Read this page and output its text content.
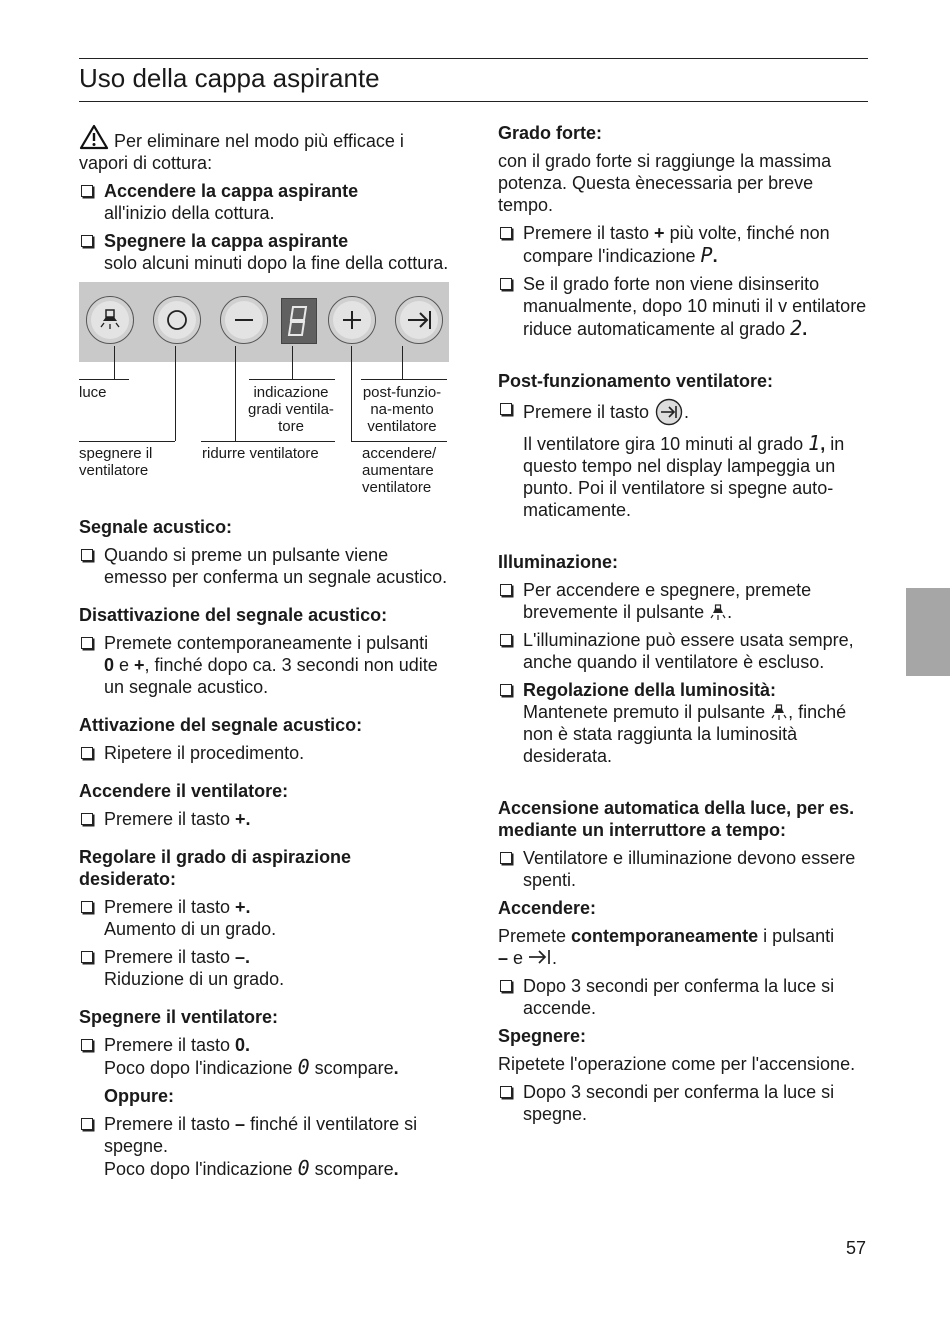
Uso della cappa aspirante

Per eliminare nel modo più efficace i vapori di cottura:

Accendere la cappa aspirante
all'inizio della cottura.
Spegnere la cappa aspirante
solo alcuni minuti dopo la fine della cottura.
luce	indicazione
gradi ventila-
tore
post-funzio-
na-mento
ventilatore
spegnere il
ventilatore
ridurre ventilatore	accendere/
aumentare
ventilatore
Segnale acustico:
Quando si preme un pulsante viene emesso per conferma un segnale acustico.
Disattivazione del segnale acustico:
Premete contemporaneamente i pulsanti
0 e +, finché dopo ca. 3 secondi non udite un segnale acustico.
Attivazione del segnale acustico:
Ripetere il procedimento.
Accendere il ventilatore:
Premere il tasto +.
Regolare il grado di aspirazione
desiderato:
Premere il tasto +.
Aumento di un grado.
Premere il tasto –.
Riduzione di un grado.
Spegnere il ventilatore:
Premere il tasto 0.
Poco dopo l'indicazione 0 scompare.
Oppure:
Premere il tasto – finché il ventilatore si spegne.
Poco dopo l'indicazione 0 scompare.
Grado forte:

con il grado forte si raggiunge la massima potenza. Questa ènecessaria per breve tempo.

Premere il tasto + più volte, finché non compare l'indicazione P.
Se il grado forte non viene disinserito manualmente, dopo 10 minuti il v entilatore riduce automaticamente al grado 2.
Post-funzionamento ventilatore:
Premere il tasto .
Il ventilatore gira 10 minuti al grado 1, in questo tempo nel display lampeggia un punto. Poi il ventilatore si spegne auto-maticamente.
Illuminazione:
Per accendere e spegnere, premete brevemente il pulsante .
L'illuminazione può essere usata sempre, anche quando il ventilatore è escluso.
Regolazione della luminosità:
Mantenete premuto il pulsante , finché non è stata raggiunta la luminosità desiderata.
Accensione automatica della luce, per es. mediante un interruttore a tempo:
Ventilatore e illuminazione devono essere spenti.
Accendere:

Premete contemporaneamente i pulsanti
– e .

Dopo 3 secondi per conferma la luce si accende.
Spegnere:

Ripetete l'operazione come per l'accensione.

Dopo 3 secondi per conferma la luce si spegne.
57
